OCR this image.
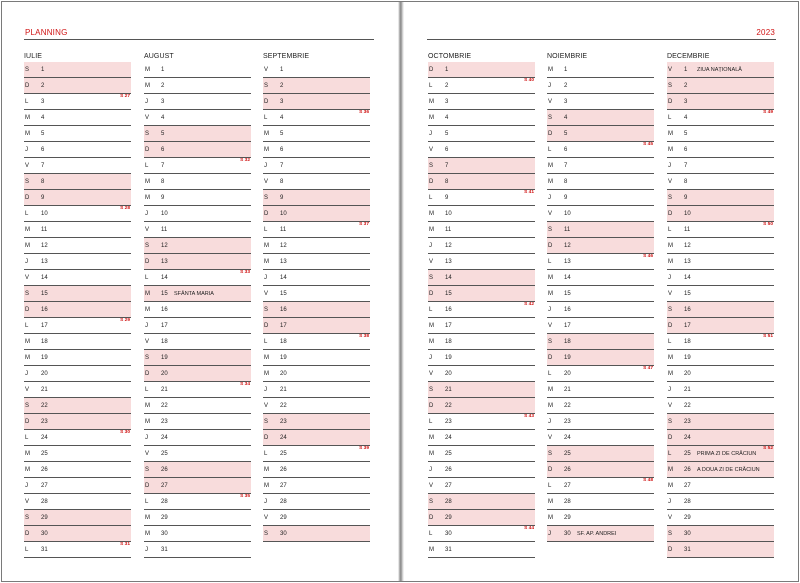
PLANNING
IULIE
S 1
D 2
L 3
S 27
M 4
M 5
J 6
V 7
S 8
D 9
L 10
S 28
M 11
M 12
J 13
V 14
S 15
D 16
L 17
S 29
M 18
M 19
J 20
V 21
S 22
D 23
L 24
S 30
M 25
M 26
J 27
V 28
S 29
D 30
L 31
S 31
AUGUST
M 1
M 2
J 3
V 4
S 5
D 6
L 7
S 32
M 8
M 9
J 10
V 11
S 12
D 13
L 14
S 33
M 15 SFÂNTA MARIA
M 16
J 17
V 18
S 19
D 20
L 21
S 34
M 22
M 23
J 24
V 25
S 26
D 27
L 28
S 35
M 29
M 30
J 31
SEPTEMBRIE
V 1
S 2
D 3
L 4
S 36
M 5
M 6
J 7
V 8
S 9
D 10
L 11
S 37
M 12
M 13
J 14
V 15
S 16
D 17
L 18
S 38
M 19
M 20
J 21
V 22
S 23
D 24
L 25
S 39
M 26
M 27
J 28
V 29
S 30
2023
OCTOMBRIE
D 1
L 2
S 40
M 3
M 4
J 5
V 6
S 7
D 8
L 9
S 41
M 10
M 11
J 12
V 13
S 14
D 15
L 16
S 42
M 17
M 18
J 19
V 20
S 21
D 22
L 23
S 43
M 24
M 25
J 26
V 27
S 28
D 29
L 30
S 44
M 31
NOIEMBRIE
M 1
J 2
V 3
S 4
D 5
L 6
S 45
M 7
M 8
J 9
V 10
S 11
D 12
L 13
S 46
M 14
M 15
J 16
V 17
S 18
D 19
L 20
S 47
M 21
M 22
J 23
V 24
S 25
D 26
L 27
S 48
M 28
M 29
J 30 SF. AP. ANDREI
DECEMBRIE
V 1 ZIUA NAȚIONALĂ
S 2
D 3
L 4
S 49
M 5
M 6
J 7
V 8
S 9
D 10
L 11
S 50
M 12
M 13
J 14
V 15
S 16
D 17
L 18
S 51
M 19
M 20
J 21
V 22
S 23
D 24
L 25 PRIMA ZI DE CRĂCIUN
S 52
M 26 A DOUA ZI DE CRĂCIUN
M 27
J 28
V 29
S 30
D 31
